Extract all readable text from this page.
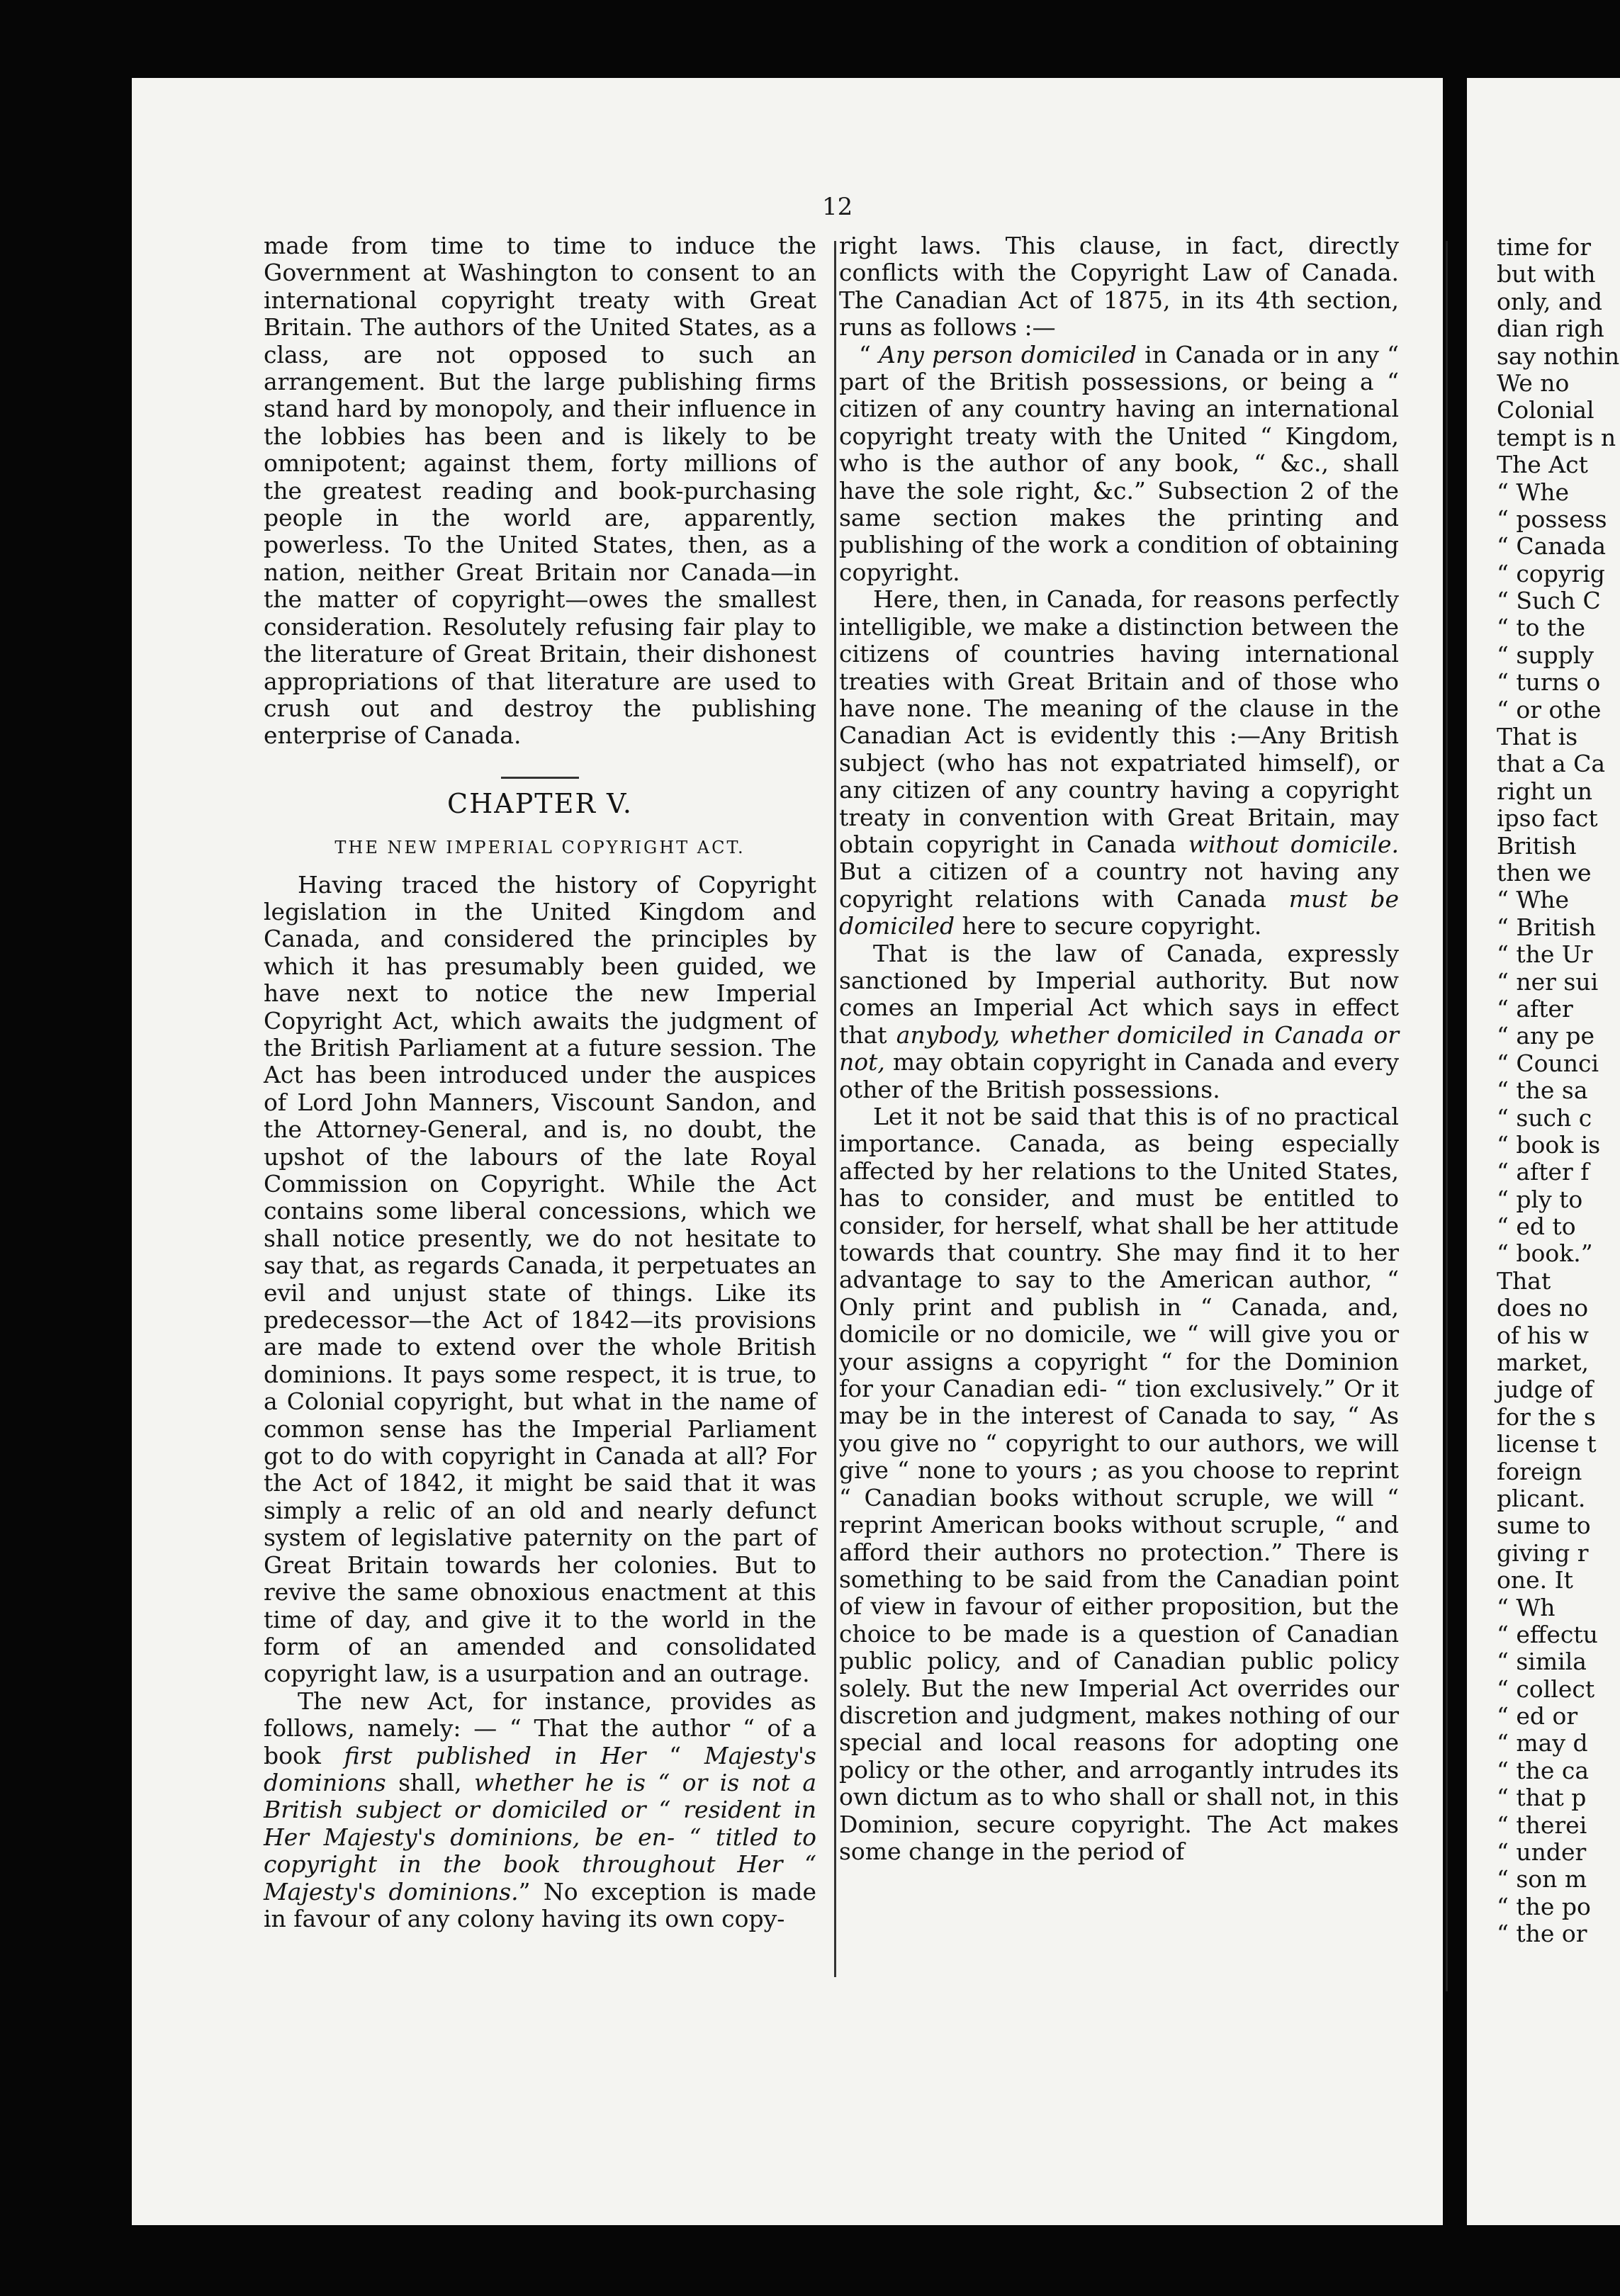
12

made from time to time to induce the Government at Washington to consent to an international copyright treaty with Great Britain. The authors of the United States, as a class, are not opposed to such an arrangement. But the large publishing firms stand hard by monopoly, and their influence in the lobbies has been and is likely to be omnipotent; against them, forty millions of the greatest reading and book-purchasing people in the world are, apparently, powerless. To the United States, then, as a nation, neither Great Britain nor Canada—in the matter of copyright—owes the smallest consideration. Resolutely refusing fair play to the literature of Great Britain, their dishonest appropriations of that literature are used to crush out and destroy the publishing enterprise of Canada.

CHAPTER V.
THE NEW IMPERIAL COPYRIGHT ACT.

Having traced the history of Copyright legislation in the United Kingdom and Canada, and considered the principles by which it has presumably been guided, we have next to notice the new Imperial Copyright Act, which awaits the judgment of the British Parliament at a future session. The Act has been introduced under the auspices of Lord John Manners, Viscount Sandon, and the Attorney-General, and is, no doubt, the upshot of the labours of the late Royal Commission on Copyright. While the Act contains some liberal concessions, which we shall notice presently, we do not hesitate to say that, as regards Canada, it perpetuates an evil and unjust state of things. Like its predecessor—the Act of 1842—its provisions are made to extend over the whole British dominions. It pays some respect, it is true, to a Colonial copyright, but what in the name of common sense has the Imperial Parliament got to do with copyright in Canada at all? For the Act of 1842, it might be said that it was simply a relic of an old and nearly defunct system of legislative paternity on the part of Great Britain towards her colonies. But to revive the same obnoxious enactment at this time of day, and give it to the world in the form of an amended and consolidated copyright law, is a usurpation and an outrage.

The new Act, for instance, provides as follows, namely: — “ That the author “ of a book first published in Her “ Majesty's dominions shall, whether he is “ or is not a British subject or domiciled or “ resident in Her Majesty's dominions, be en- “ titled to copyright in the book throughout Her “ Majesty's dominions.” No exception is made in favour of any colony having its own copy-

right laws. This clause, in fact, directly conflicts with the Copyright Law of Canada. The Canadian Act of 1875, in its 4th section, runs as follows :—

“ Any person domiciled in Canada or in any “ part of the British possessions, or being a “ citizen of any country having an international copyright treaty with the United “ Kingdom, who is the author of any book, “ &c., shall have the sole right, &c.” Subsection 2 of the same section makes the printing and publishing of the work a condition of obtaining copyright.

Here, then, in Canada, for reasons perfectly intelligible, we make a distinction between the citizens of countries having international treaties with Great Britain and of those who have none. The meaning of the clause in the Canadian Act is evidently this :—Any British subject (who has not expatriated himself), or any citizen of any country having a copyright treaty in convention with Great Britain, may obtain copyright in Canada without domicile. But a citizen of a country not having any copyright relations with Canada must be domiciled here to secure copyright.

That is the law of Canada, expressly sanctioned by Imperial authority. But now comes an Imperial Act which says in effect that anybody, whether domiciled in Canada or not, may obtain copyright in Canada and every other of the British possessions.

Let it not be said that this is of no practical importance. Canada, as being especially affected by her relations to the United States, has to consider, and must be entitled to consider, for herself, what shall be her attitude towards that country. She may find it to her advantage to say to the American author, “ Only print and publish in “ Canada, and, domicile or no domicile, we “ will give you or your assigns a copyright “ for the Dominion for your Canadian edi- “ tion exclusively.” Or it may be in the interest of Canada to say, “ As you give no “ copyright to our authors, we will give “ none to yours ; as you choose to reprint “ Canadian books without scruple, we will “ reprint American books without scruple, “ and afford their authors no protection.” There is something to be said from the Canadian point of view in favour of either proposition, but the choice to be made is a question of Canadian public policy, and of Canadian public policy solely. But the new Imperial Act overrides our discretion and judgment, makes nothing of our special and local reasons for adopting one policy or the other, and arrogantly intrudes its own dictum as to who shall or shall not, in this Dominion, secure copyright. The Act makes some change in the period of

time for
but with
only, and
dian righ
say nothin
We no
Colonial
tempt is n
The Act
“ Whe
“ possess
“ Canada
“ copyrig
“ Such C
“ to the
“ supply
“ turns o
“ or othe
That is
that a Ca
right un
ipso fact
British
then we
“ Whe
“ British
“ the Ur
“ ner sui
“ after
“ any pe
“ Counci
“ the sa
“ such c
“ book is
“ after f
“ ply to
“ ed to
“ book.”
That
does no
of his w
market,
judge of
for the s
license t
foreign
plicant.
sume to
giving r
one. It
“ Wh
“ effectu
“ simila
“ collect
“ ed or
“ may d
“ the ca
“ that p
“ therei
“ under
“ son m
“ the po
“ the or
